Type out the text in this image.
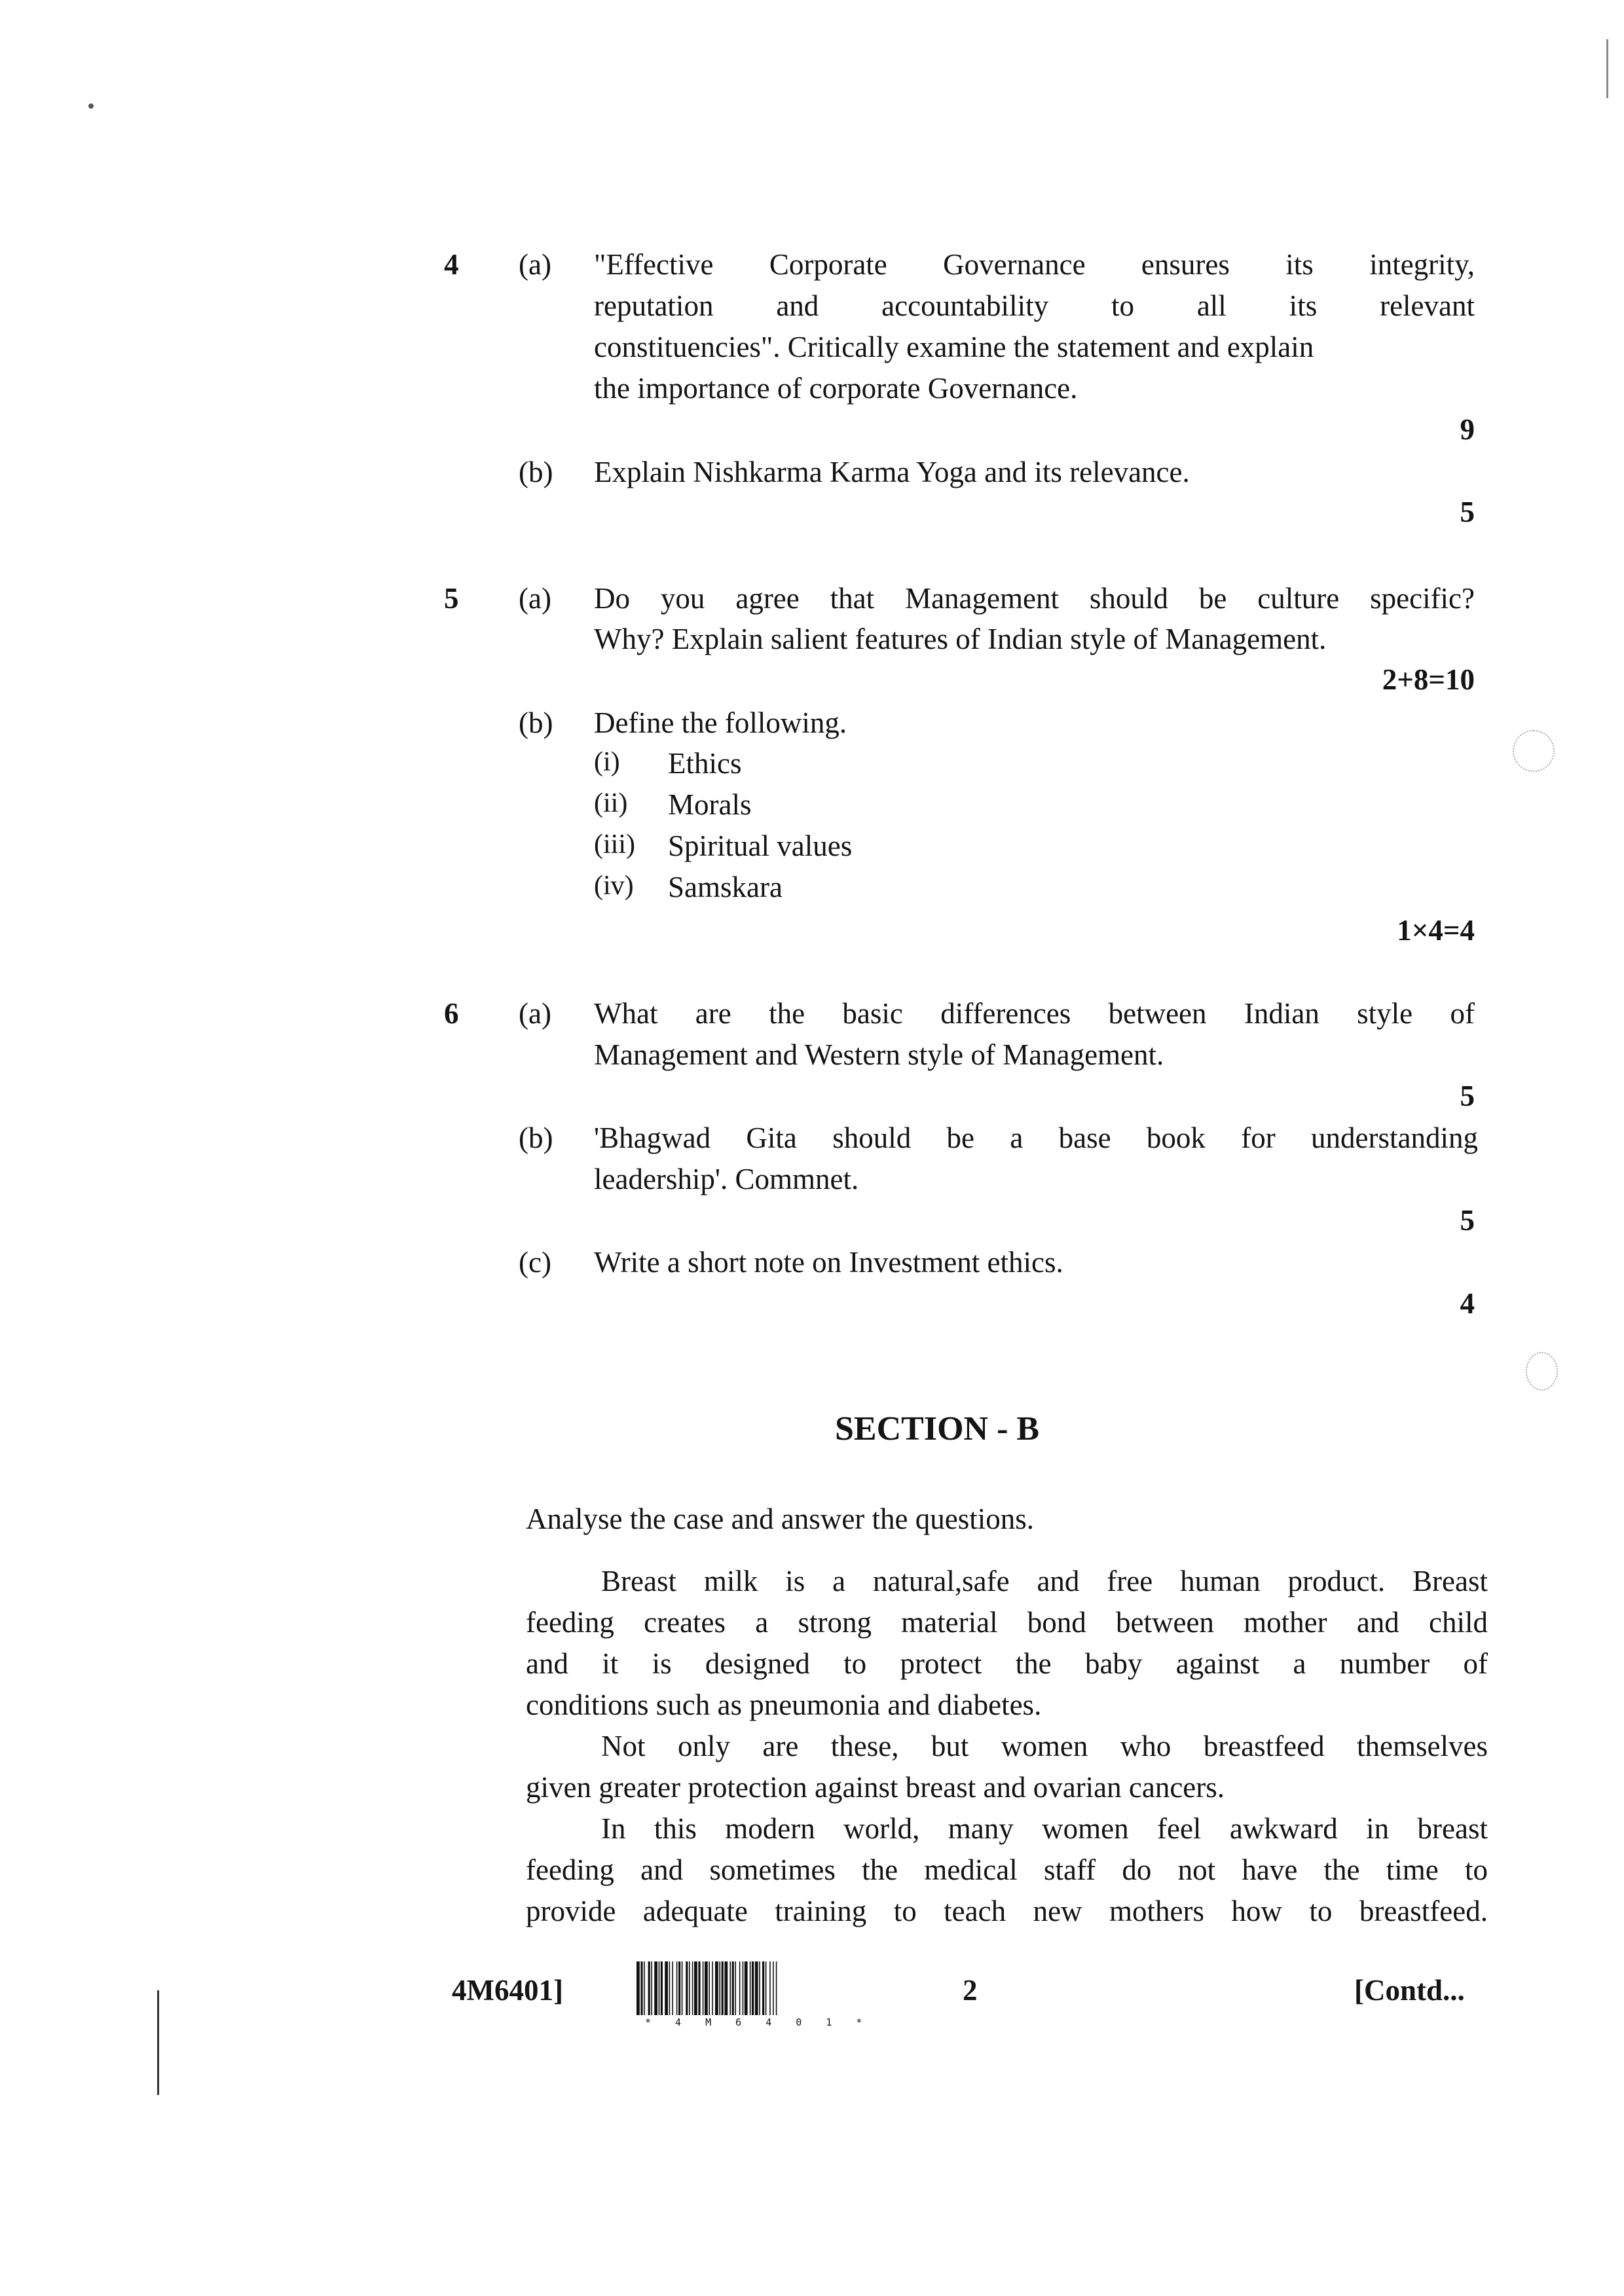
4 (a) "Effective Corporate Governance ensures its integrity,
reputation and accountability to all its relevant
constituencies". Critically examine the statement and explain
the importance of corporate Governance.
9
(b) Explain Nishkarma Karma Yoga and its relevance.
5
5 (a) Do you agree that Management should be culture specific?
Why? Explain salient features of Indian style of Management.
2+8=10
(b) Define the following.
(i) Ethics
(ii) Morals
(iii) Spiritual values
(iv) Samskara
1×4=4
6 (a) What are the basic differences between Indian style of
Management and Western style of Management.
5
(b) 'Bhagwad Gita should be a base book for understanding
leadership'. Commnet.
5
(c) Write a short note on Investment ethics.
4
SECTION - B
Analyse the case and answer the questions.
Breast milk is a natural,safe and free human product. Breast
feeding creates a strong material bond between mother and child
and it is designed to protect the baby against a number of
conditions such as pneumonia and diabetes.
Not only are these, but women who breastfeed themselves
given greater protection against breast and ovarian cancers.
In this modern world, many women feel awkward in breast
feeding and sometimes the medical staff do not have the time to
provide adequate training to teach new mothers how to breastfeed.
4M6401]
* 4 M 6 4 0 1 *
2	[Contd...
